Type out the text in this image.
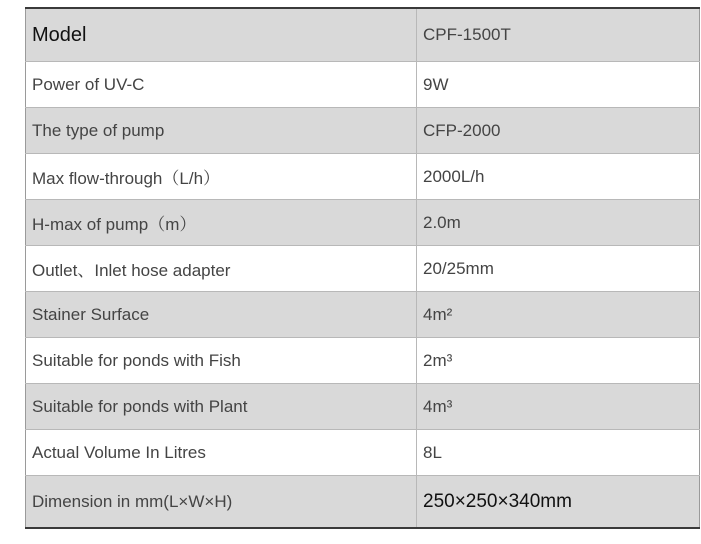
Model	CPF-1500T
Power of UV-C	9W
The type of pump	CFP-2000
Max flow-through（L/h）	2000L/h
H-max of pump（m）	2.0m
Outlet、Inlet hose adapter	20/25mm
Stainer Surface	4m²
Suitable for ponds with Fish	2m³
Suitable for ponds with Plant	4m³
Actual Volume In Litres	8L
Dimension in mm(L×W×H)	250×250×340mm
